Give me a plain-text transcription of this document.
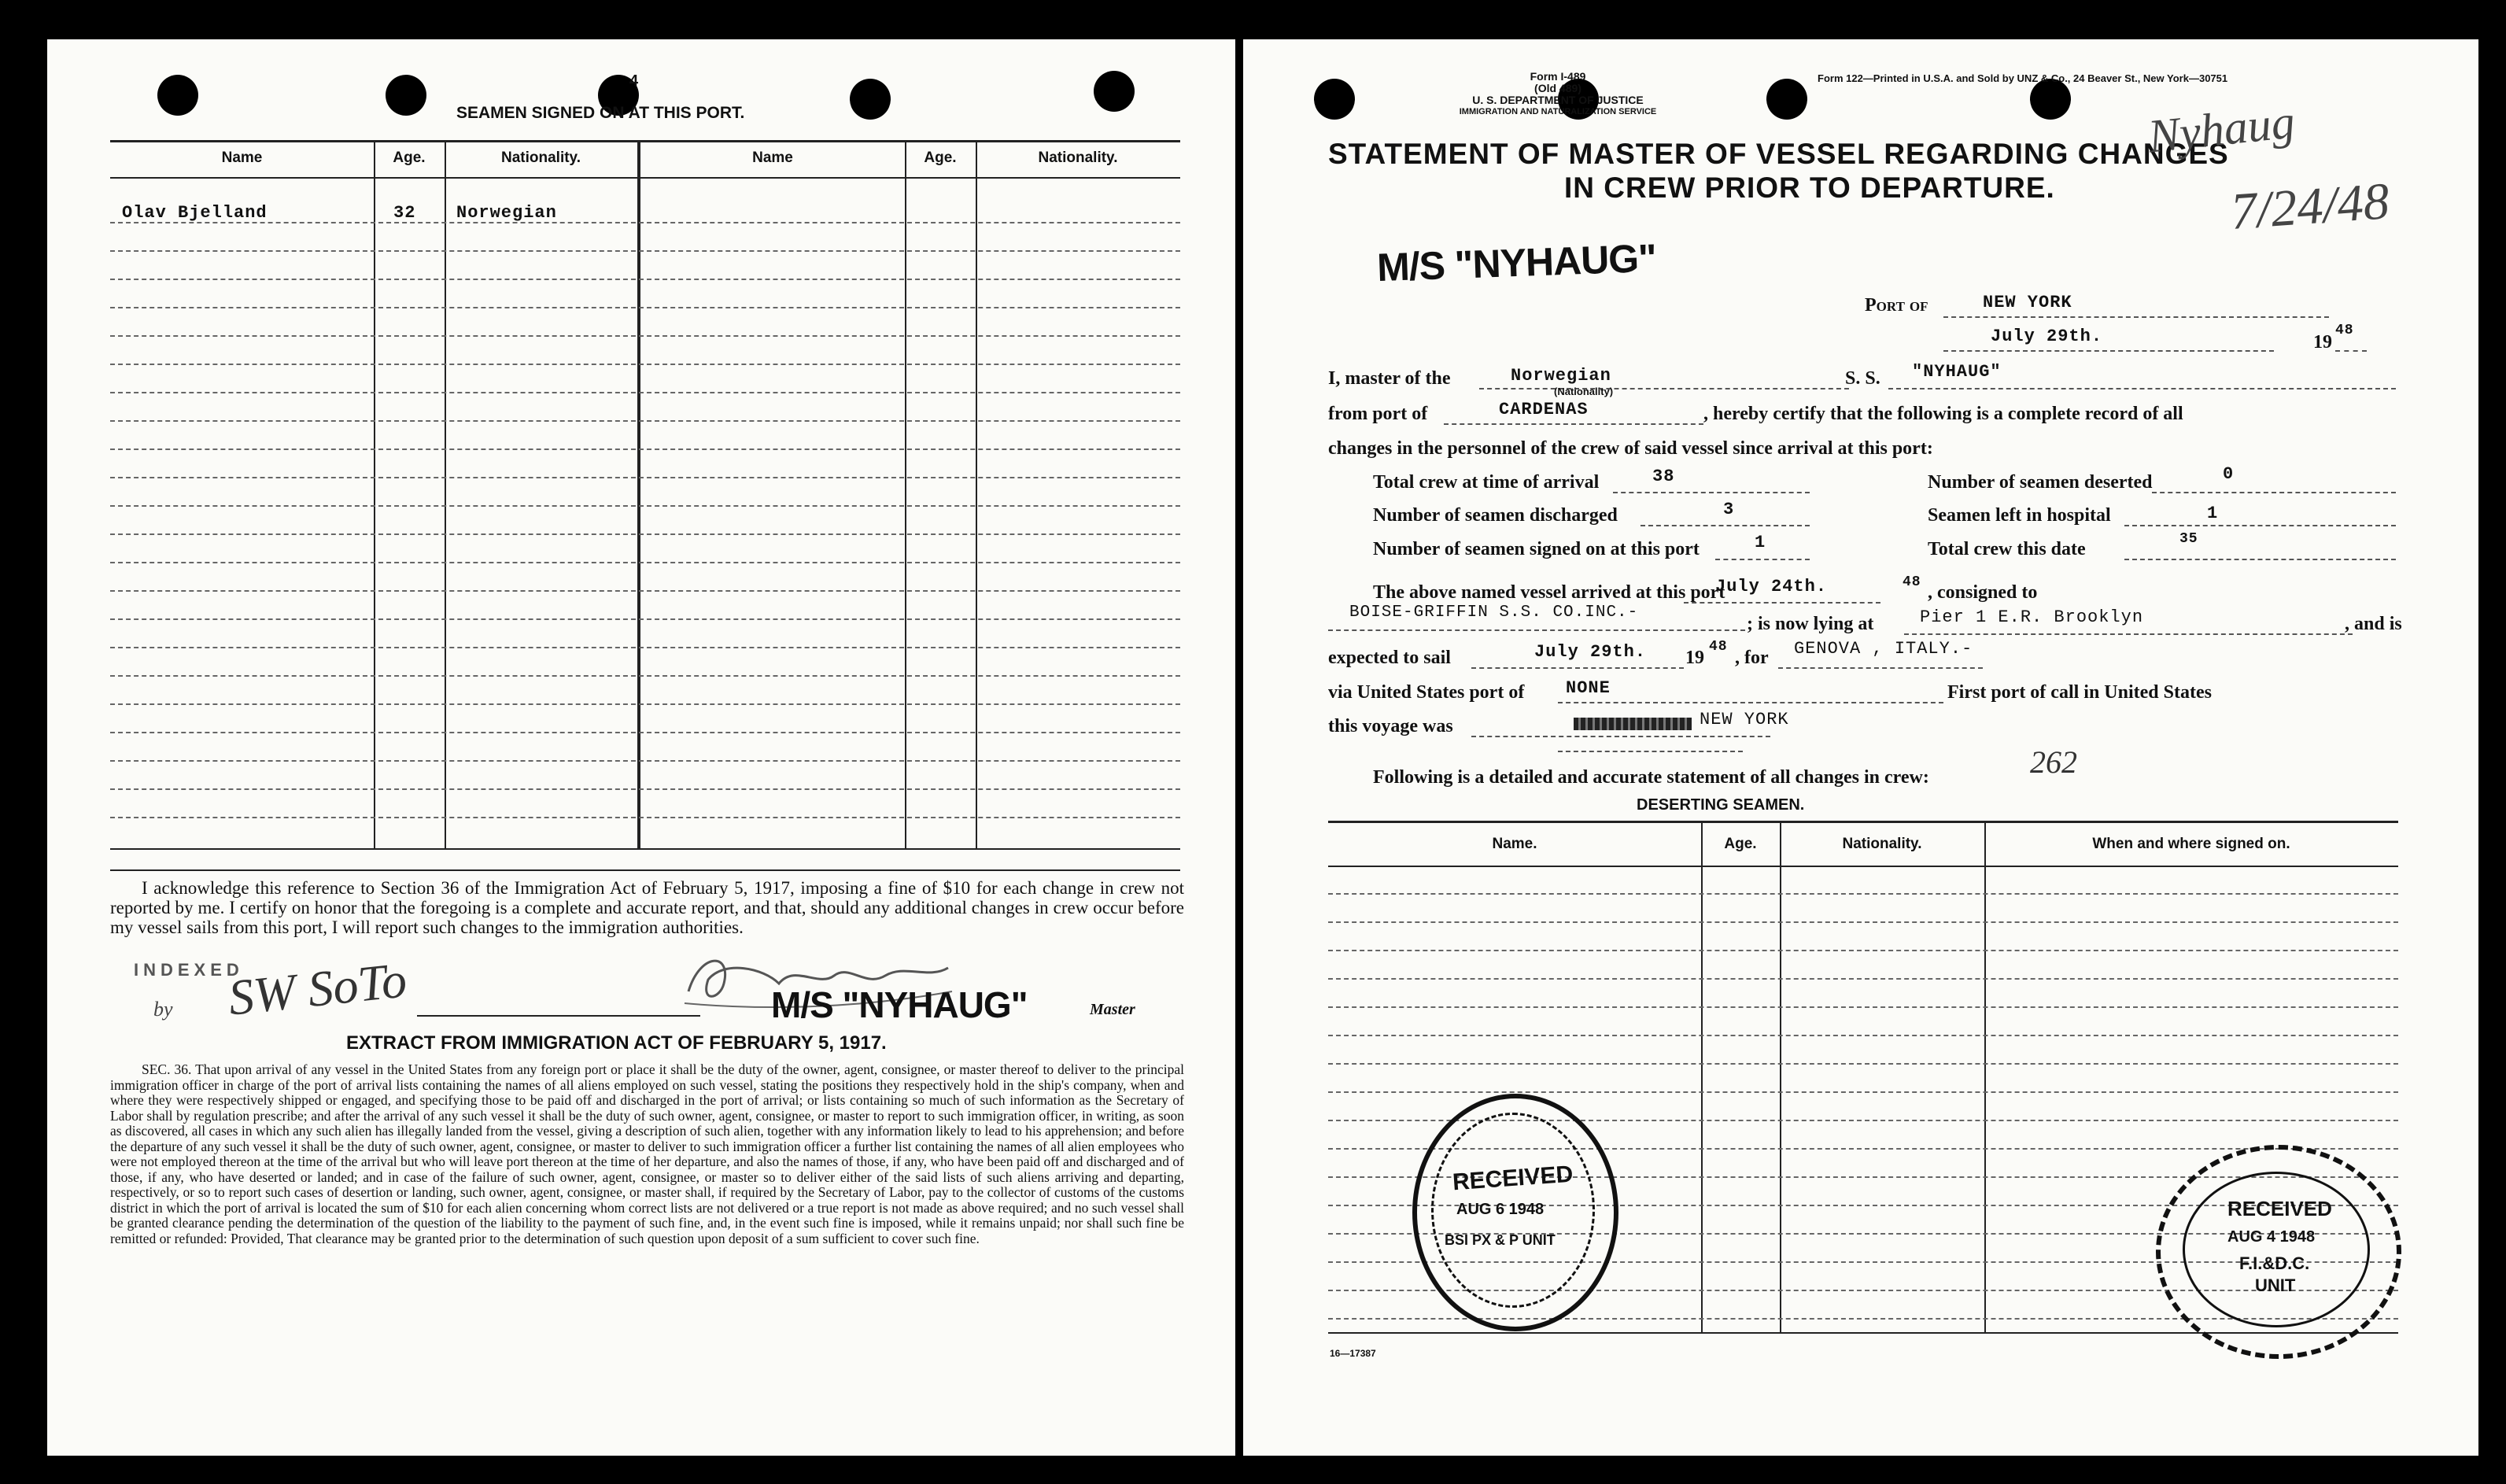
4
SEAMEN SIGNED ON AT THIS PORT.
Name	Age.	Nationality.	Name	Age.	Nationality.
Olav Bjelland	32 Norwegian
I acknowledge this reference to Section 36 of the Immigration Act of February 5, 1917, imposing a fine of $10 for each change in crew not reported by me. I certify on honor that the foregoing is a complete and accurate report, and that, should any additional changes in crew occur before my vessel sails from this port, I will report such changes to the immigration authorities.
INDEXED
by SW SoTo	M/S "NYHAUG"	Master
EXTRACT FROM IMMIGRATION ACT OF FEBRUARY 5, 1917.
SEC. 36. That upon arrival of any vessel in the United States from any foreign port or place it shall be the duty of the owner, agent, consignee, or master thereof to deliver to the principal immigration officer in charge of the port of arrival lists containing the names of all aliens employed on such vessel, stating the positions they respectively hold in the ship's company, when and where they were respectively shipped or engaged, and specifying those to be paid off and discharged in the port of arrival; or lists containing so much of such information as the Secretary of Labor shall by regulation prescribe; and after the arrival of any such vessel it shall be the duty of such owner, agent, consignee, or master to report to such immigration officer, in writing, as soon as discovered, all cases in which any such alien has illegally landed from the vessel, giving a description of such alien, together with any information likely to lead to his apprehension; and before the departure of any such vessel it shall be the duty of such owner, agent, consignee, or master to deliver to such immigration officer a further list containing the names of all alien employees who were not employed thereon at the time of the arrival but who will leave port thereon at the time of her departure, and also the names of those, if any, who have been paid off and discharged and of those, if any, who have deserted or landed; and in case of the failure of such owner, agent, consignee, or master so to deliver either of the said lists of such aliens arriving and departing, respectively, or so to report such cases of desertion or landing, such owner, agent, consignee, or master shall, if required by the Secretary of Labor, pay to the collector of customs of the customs district in which the port of arrival is located the sum of $10 for each alien concerning whom correct lists are not delivered or a true report is not made as above required; and no such vessel shall be granted clearance pending the determination of the question of the liability to the payment of such fine, and, in the event such fine is imposed, while it remains unpaid; nor shall such fine be remitted or refunded: Provided, That clearance may be granted prior to the determination of such question upon deposit of a sum sufficient to cover such fine.
Form I-489
(Old 489)
U. S. DEPARTMENT OF JUSTICE
IMMIGRATION AND NATURALIZATION SERVICE
Form 122—Printed in U.S.A. and Sold by UNZ & Co., 24 Beaver St., New York—30751
STATEMENT OF MASTER OF VESSEL REGARDING CHANGES
IN CREW PRIOR TO DEPARTURE.
Nyhaug
7/24/48
M/S "NYHAUG"
Port of	NEW YORK
July 29th.	19
48
I, master of the	Norwegian
(Nationality)
S. S. "NYHAUG"
from port of	CARDENAS	, hereby certify that the following is a complete record of all
changes in the personnel of the crew of said vessel since arrival at this port:
Total crew at time of arrival	38	Number of seamen deserted	0
Number of seamen discharged	3	Seamen left in hospital	1
Number of seamen signed on at this port	1	Total crew this date	35
The above named vessel arrived at this port
July 24th.	48 , consigned to
BOISE-GRIFFIN S.S. CO.INC.-
; is now lying at	Pier 1 E.R. Brooklyn	, and is
expected to sail	July 29th. 19
48
, for GENOVA , ITALY.-
via United States port of NONE	First port of call in United States
this voyage was	NEW YORK
262
Following is a detailed and accurate statement of all changes in crew:
DESERTING SEAMEN.
Name.	Age.	Nationality.	When and where signed on.
16—17387
RECEIVED
AUG 6 1948
BSI PX & P UNIT
RECEIVED
AUG 4 1948
F.I.&D.C.
UNIT
